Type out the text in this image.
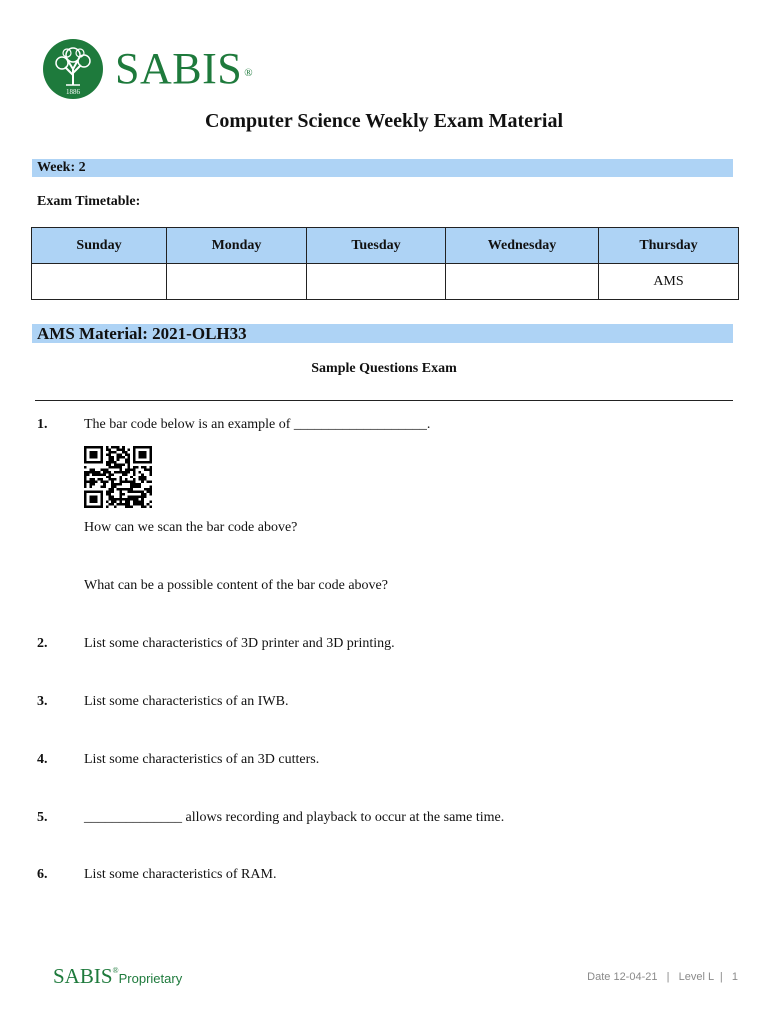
1886 SABIS ®
Computer Science Weekly Exam Material
Week: 2
Exam Timetable:
Sunday	Monday	Tuesday	Wednesday	Thursday
				AMS
AMS Material: 2021-OLH33
Sample Questions Exam
1.	The bar code below is an example of ___________________.
How can we scan the bar code above?
What can be a possible content of the bar code above?
2.	List some characteristics of 3D printer and 3D printing.
3.	List some characteristics of an IWB.
4.	List some characteristics of an 3D cutters.
5.	______________ allows recording and playback to occur at the same time.
6.	List some characteristics of RAM.
SABIS®Proprietary	Date 12-04-21   |   Level L  |   1
